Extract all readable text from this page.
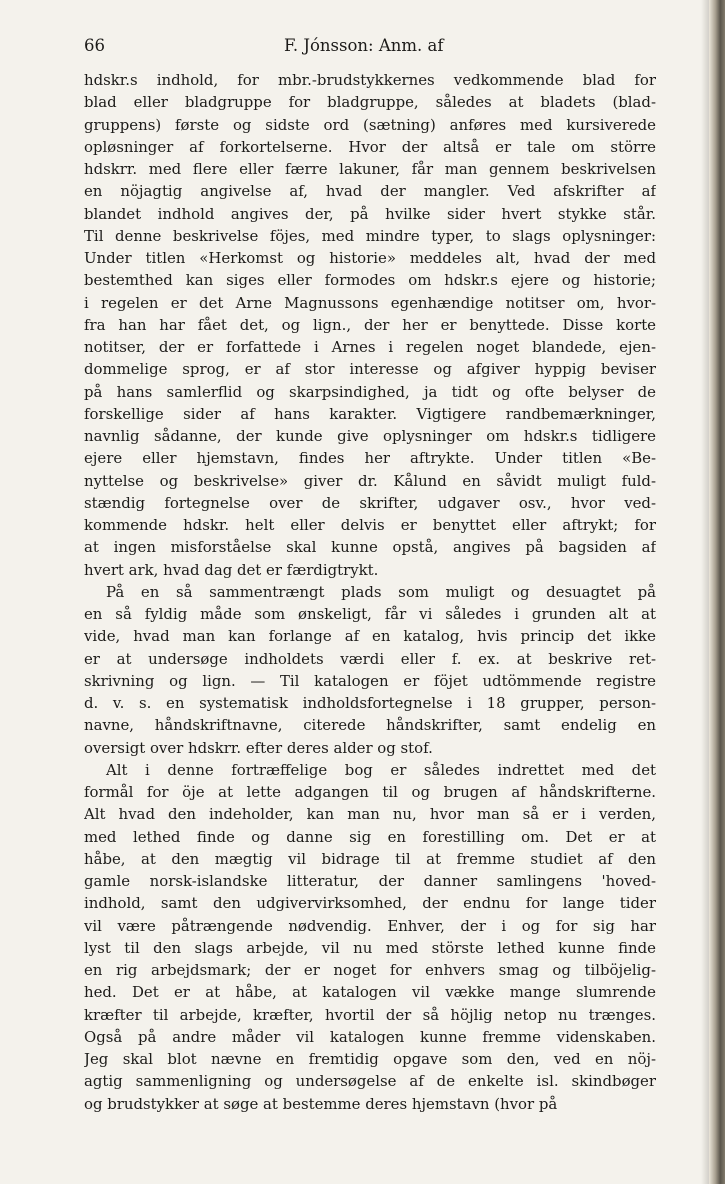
66	F. Jónsson: Anm. af
hdskr.s indhold, for mbr.-brudstykkernes vedkommende blad for
blad eller bladgruppe for bladgruppe, således at bladets (blad-
gruppens) første og sidste ord (sætning) anføres med kursiverede
opløsninger af forkortelserne. Hvor der altså er tale om större
hdskrr. med flere eller færre lakuner, får man gennem beskrivelsen
en nöjagtig angivelse af, hvad der mangler. Ved afskrifter af
blandet indhold angives der, på hvilke sider hvert stykke står.
Til denne beskrivelse föjes, med mindre typer, to slags oplysninger:
Under titlen «Herkomst og historie» meddeles alt, hvad der med
bestemthed kan siges eller formodes om hdskr.s ejere og historie;
i regelen er det Arne Magnussons egenhændige notitser om, hvor-
fra han har fået det, og lign., der her er benyttede. Disse korte
notitser, der er forfattede i Arnes i regelen noget blandede, ejen-
dommelige sprog, er af stor interesse og afgiver hyppig beviser
på hans samlerflid og skarpsindighed, ja tidt og ofte belyser de
forskellige sider af hans karakter. Vigtigere randbemærkninger,
navnlig sådanne, der kunde give oplysninger om hdskr.s tidligere
ejere eller hjemstavn, findes her aftrykte. Under titlen «Be-
nyttelse og beskrivelse» giver dr. Kålund en såvidt muligt fuld-
stændig fortegnelse over de skrifter, udgaver osv., hvor ved-
kommende hdskr. helt eller delvis er benyttet eller aftrykt; for
at ingen misforståelse skal kunne opstå, angives på bagsiden af
hvert ark, hvad dag det er færdigtrykt.
På en så sammentrængt plads som muligt og desuagtet på
en så fyldig måde som ønskeligt, får vi således i grunden alt at
vide, hvad man kan forlange af en katalog, hvis princip det ikke
er at undersøge indholdets værdi eller f. ex. at beskrive ret-
skrivning og lign. — Til katalogen er föjet udtömmende registre
d. v. s. en systematisk indholdsfortegnelse i 18 grupper, person-
navne, håndskriftnavne, citerede håndskrifter, samt endelig en
oversigt over hdskrr. efter deres alder og stof.
Alt i denne fortræffelige bog er således indrettet med det
formål for öje at lette adgangen til og brugen af håndskrifterne.
Alt hvad den indeholder, kan man nu, hvor man så er i verden,
med lethed finde og danne sig en forestilling om. Det er at
håbe, at den mægtig vil bidrage til at fremme studiet af den
gamle norsk-islandske litteratur, der danner samlingens 'hoved-
indhold, samt den udgivervirksomhed, der endnu for lange tider
vil være påtrængende nødvendig. Enhver, der i og for sig har
lyst til den slags arbejde, vil nu med störste lethed kunne finde
en rig arbejdsmark; der er noget for enhvers smag og tilböjelig-
hed. Det er at håbe, at katalogen vil vække mange slumrende
kræfter til arbejde, kræfter, hvortil der så höjlig netop nu trænges.
Også på andre måder vil katalogen kunne fremme videnskaben.
Jeg skal blot nævne en fremtidig opgave som den, ved en nöj-
agtig sammenligning og undersøgelse af de enkelte isl. skindbøger
og brudstykker at søge at bestemme deres hjemstavn (hvor på
